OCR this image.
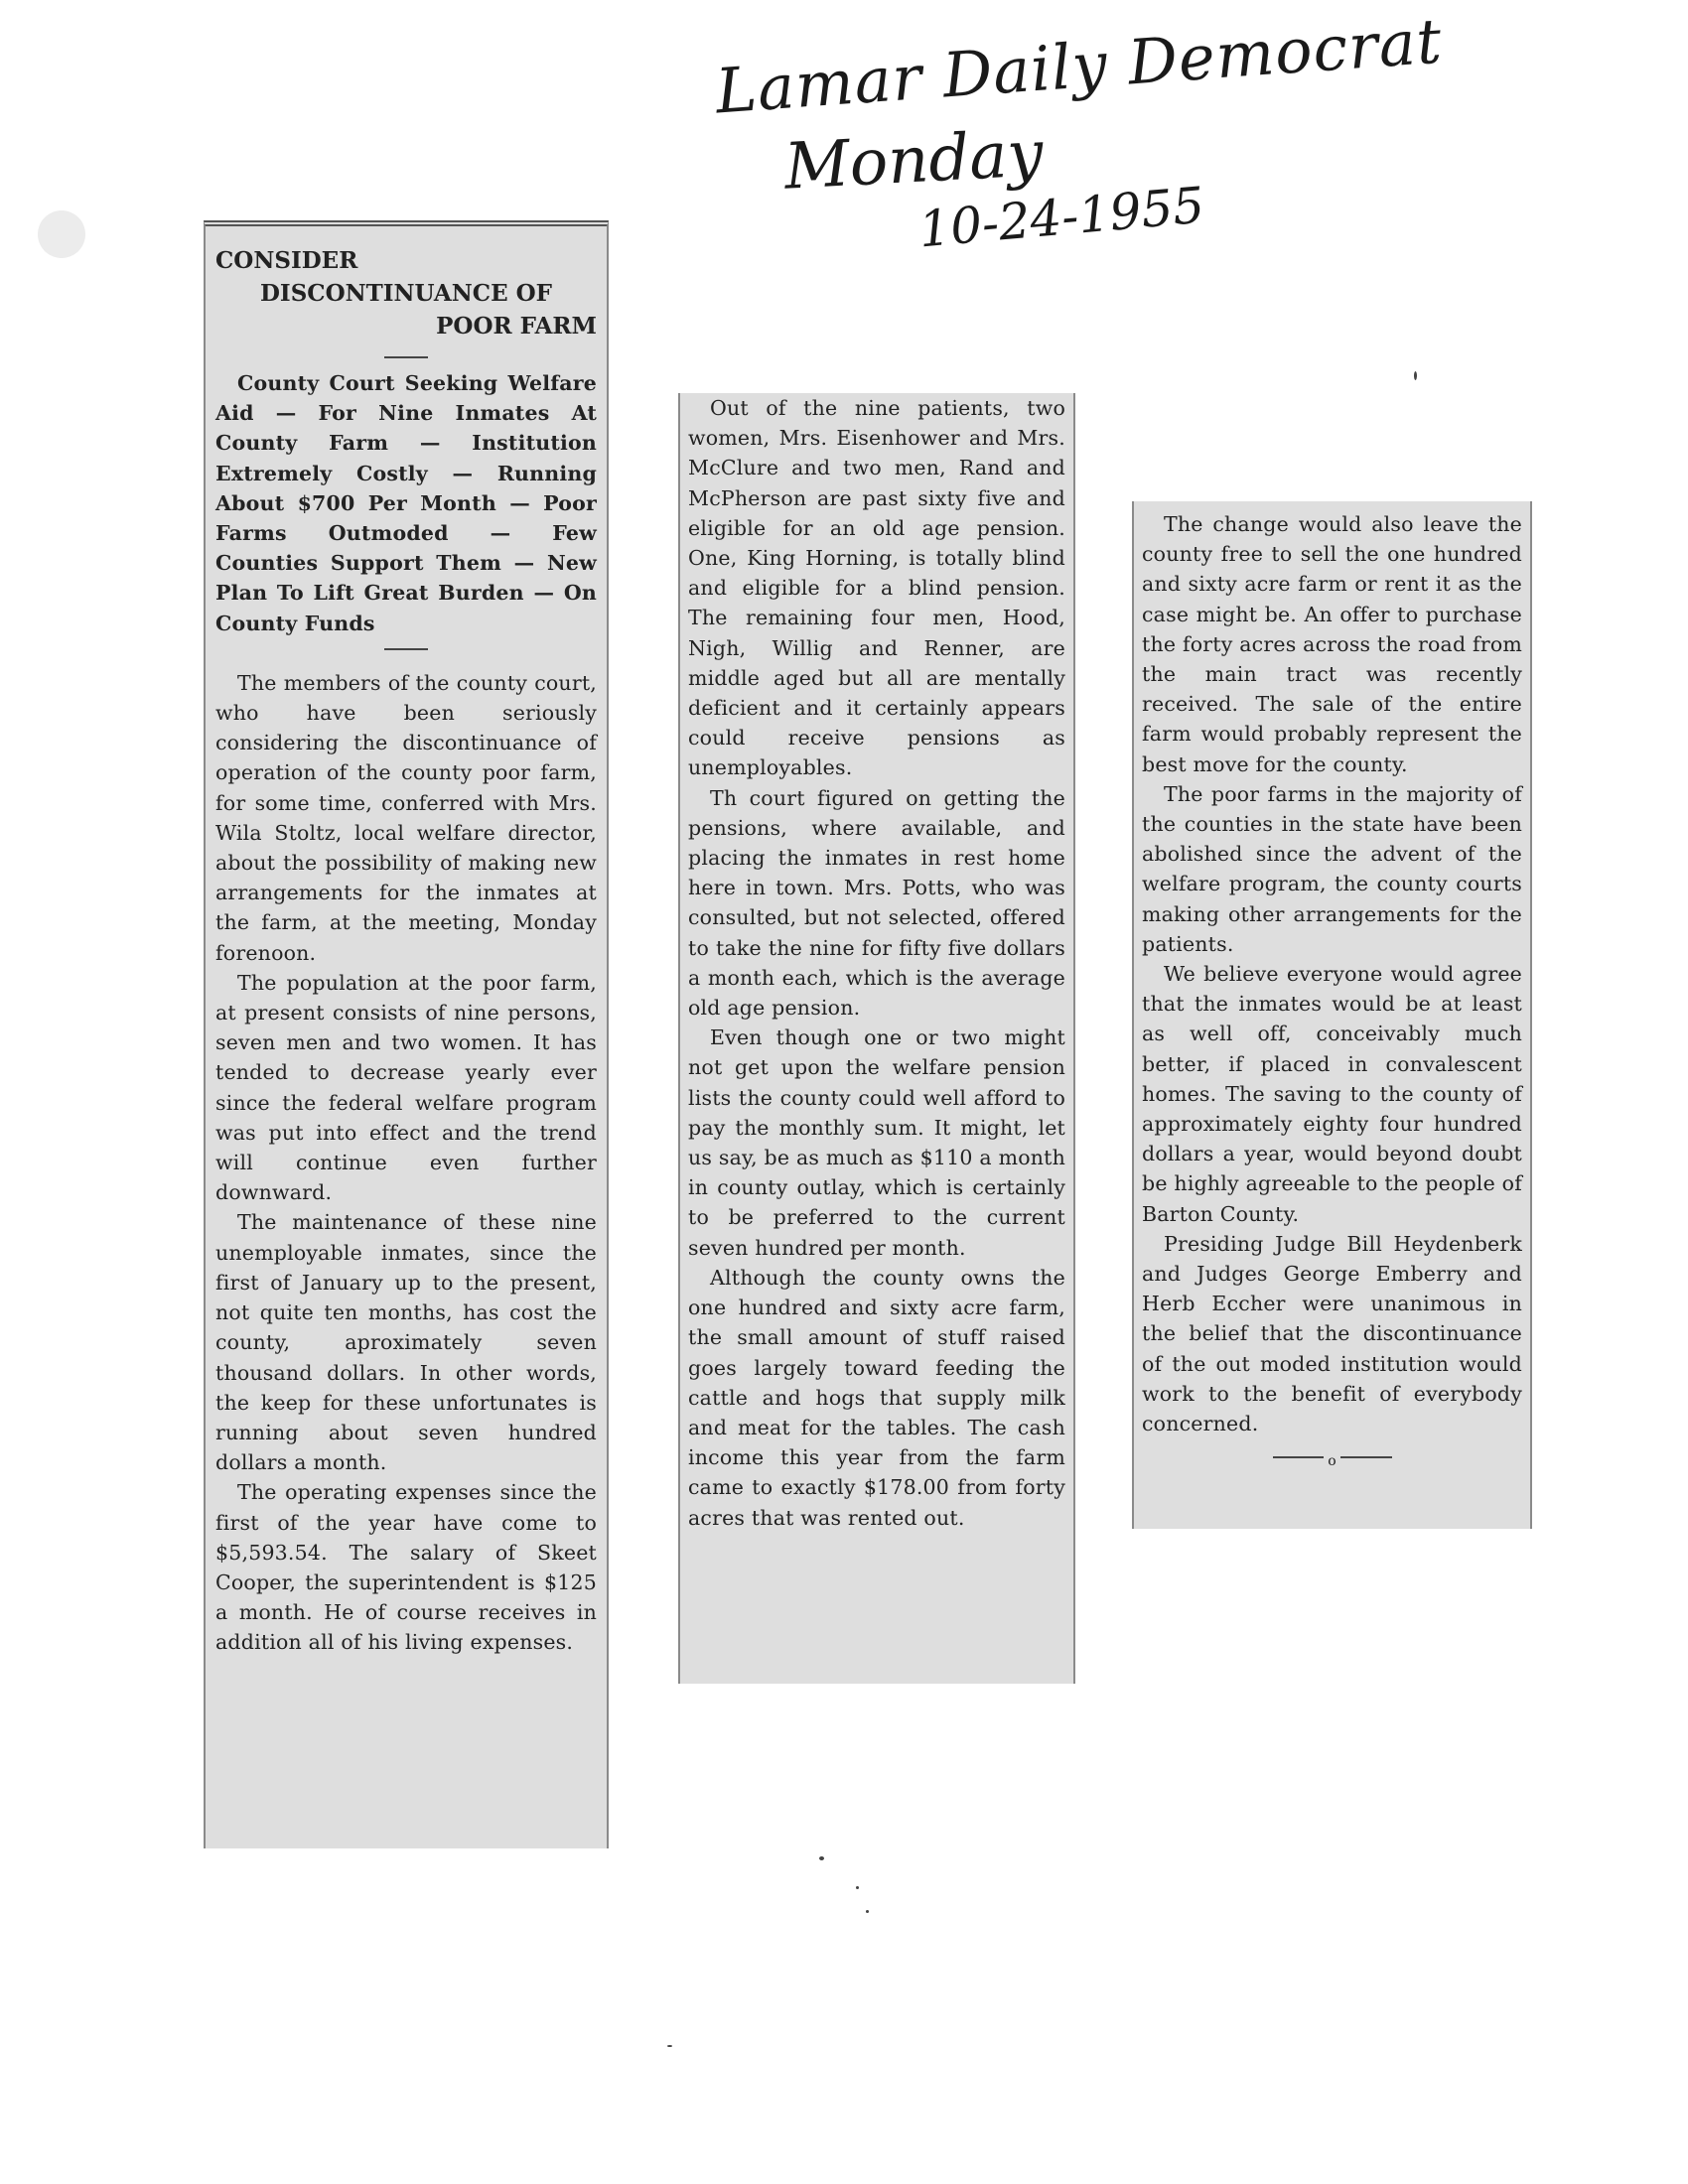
Lamar Daily Democrat
Monday
10-24-1955
CONSIDER
DISCONTINUANCE OF
POOR FARM

County Court Seeking Welfare Aid — For Nine Inmates At County Farm — Institution Extremely Costly — Running About $700 Per Month — Poor Farms Outmoded — Few Counties Support Them — New Plan To Lift Great Burden — On County Funds

The members of the county court, who have been seriously considering the discontinuance of operation of the county poor farm, for some time, conferred with Mrs. Wila Stoltz, local welfare director, about the possibility of making new arrangements for the inmates at the farm, at the meeting, Monday forenoon.

The population at the poor farm, at present consists of nine persons, seven men and two women. It has tended to decrease yearly ever since the federal welfare program was put into effect and the trend will continue even further downward.

The maintenance of these nine unemployable inmates, since the first of January up to the present, not quite ten months, has cost the county, aproximately seven thousand dollars. In other words, the keep for these unfortunates is running about seven hundred dollars a month.

The operating expenses since the first of the year have come to $5,593.54. The salary of Skeet Cooper, the superintendent is $125 a month. He of course receives in addition all of his living expenses.

Out of the nine patients, two women, Mrs. Eisenhower and Mrs. McClure and two men, Rand and McPherson are past sixty five and eligible for an old age pension. One, King Horning, is totally blind and eligible for a blind pension. The remaining four men, Hood, Nigh, Willig and Renner, are middle aged but all are mentally deficient and it certainly appears could receive pensions as unemployables.

Th court figured on getting the pensions, where available, and placing the inmates in rest home here in town. Mrs. Potts, who was consulted, but not selected, offered to take the nine for fifty five dollars a month each, which is the average old age pension.

Even though one or two might not get upon the welfare pension lists the county could well afford to pay the monthly sum. It might, let us say, be as much as $110 a month in county outlay, which is certainly to be preferred to the current seven hundred per month.

Although the county owns the one hundred and sixty acre farm, the small amount of stuff raised goes largely toward feeding the cattle and hogs that supply milk and meat for the tables. The cash income this year from the farm came to exactly $178.00 from forty acres that was rented out.

The change would also leave the county free to sell the one hundred and sixty acre farm or rent it as the case might be. An offer to purchase the forty acres across the road from the main tract was recently received. The sale of the entire farm would probably represent the best move for the county.

The poor farms in the majority of the counties in the state have been abolished since the advent of the welfare program, the county courts making other arrangements for the patients.

We believe everyone would agree that the inmates would be at least as well off, conceivably much better, if placed in convalescent homes. The saving to the county of approximately eighty four hundred dollars a year, would beyond doubt be highly agreeable to the people of Barton County.

Presiding Judge Bill Heydenberk and Judges George Emberry and Herb Eccher were unanimous in the belief that the discontinuance of the out moded institution would work to the benefit of everybody concerned.

o
